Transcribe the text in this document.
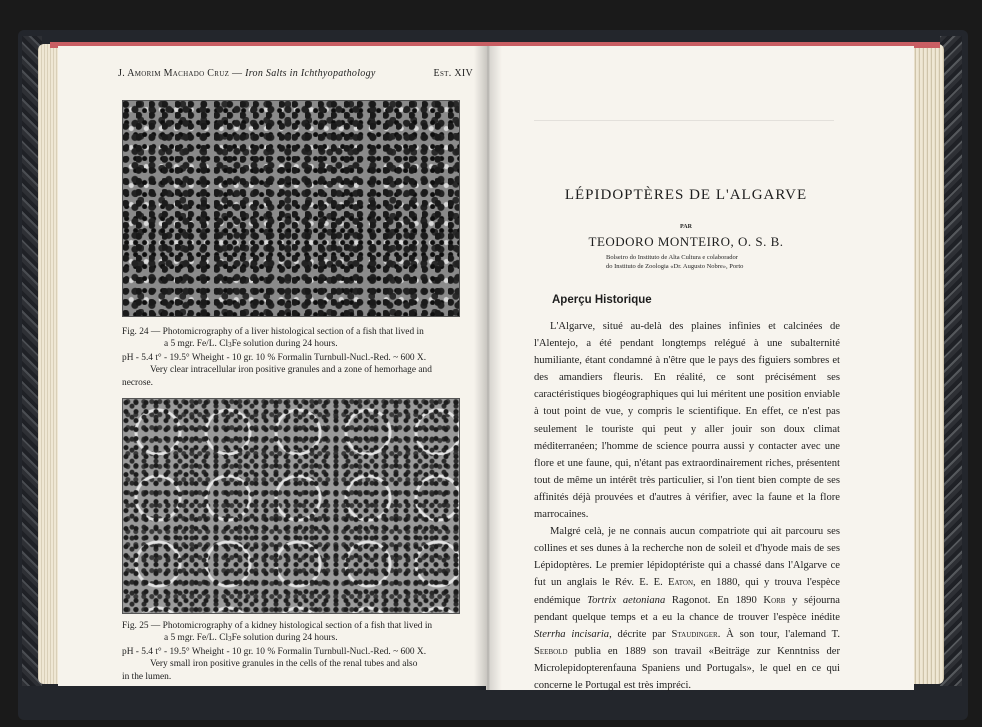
J. Amorim Machado Cruz — Iron Salts in Ichthyopathology	Est. XIV

Fig. 24 — Photomicrography of a liver histological section of a fish that lived in

a 5 mgr. Fe/L. Cl3Fe solution during 24 hours.

pH - 5.4 t° - 19.5° Wheight - 10 gr. 10 % Formalin Turnbull-Nucl.-Red. ~ 600 X.

Very clear intracellular iron positive granules and a zone of hemorhage and

necrose.

Fig. 25 — Photomicrography of a kidney histological section of a fish that lived in

a 5 mgr. Fe/L. Cl3Fe solution during 24 hours.

pH - 5.4 t° - 19.5° Wheight - 10 gr. 10 % Formalin Turnbull-Nucl.-Red. ~ 600 X.

Very small iron positive granules in the cells of the renal tubes and also

in the lumen.

LÉPIDOPTÈRES DE L'ALGARVE
PAR
TEODORO MONTEIRO, O. S. B.
Bolseiro do Instituto de Alta Cultura e colaborador
do Instituto de Zoologia «Dr. Augusto Nobre», Porto
Aperçu Historique

L'Algarve, situé au-delà des plaines infinies et calcinées de l'Alentejo, a été pendant longtemps relégué à une subalternité humiliante, étant condamné à n'être que le pays des figuiers sombres et des amandiers fleuris. En réalité, ce sont précisément ses caractéristiques biogéographiques qui lui méritent une position enviable à tout point de vue, y compris le scientifique. En effet, ce n'est pas seulement le touriste qui peut y aller jouir son doux climat méditerranéen; l'homme de science pourra aussi y contacter avec une flore et une faune, qui, n'étant pas extraordinairement riches, présentent tout de même un intérêt très particulier, si l'on tient bien compte de ses affinités déjà prouvées et d'autres à vérifier, avec la faune et la flore marrocaines.

Malgré celà, je ne connais aucun compatriote qui ait parcouru ses collines et ses dunes à la recherche non de soleil et d'hyode mais de ses Lépidoptères. Le premier lépidoptériste qui a chassé dans l'Algarve ce fut un anglais le Rév. E. E. Eaton, en 1880, qui y trouva l'espèce endémique Tortrix aetoniana Ragonot. En 1890 Korb y séjourna pendant quelque temps et a eu la chance de trouver l'espèce inédite Sterrha incisaria, décrite par Staudinger. À son tour, l'alemand T. Seebold publia en 1889 son travail «Beiträge zur Kenntniss der Microlepidopterenfauna Spaniens und Portugals», le quel en ce qui concerne le Portugal est très impréci.
